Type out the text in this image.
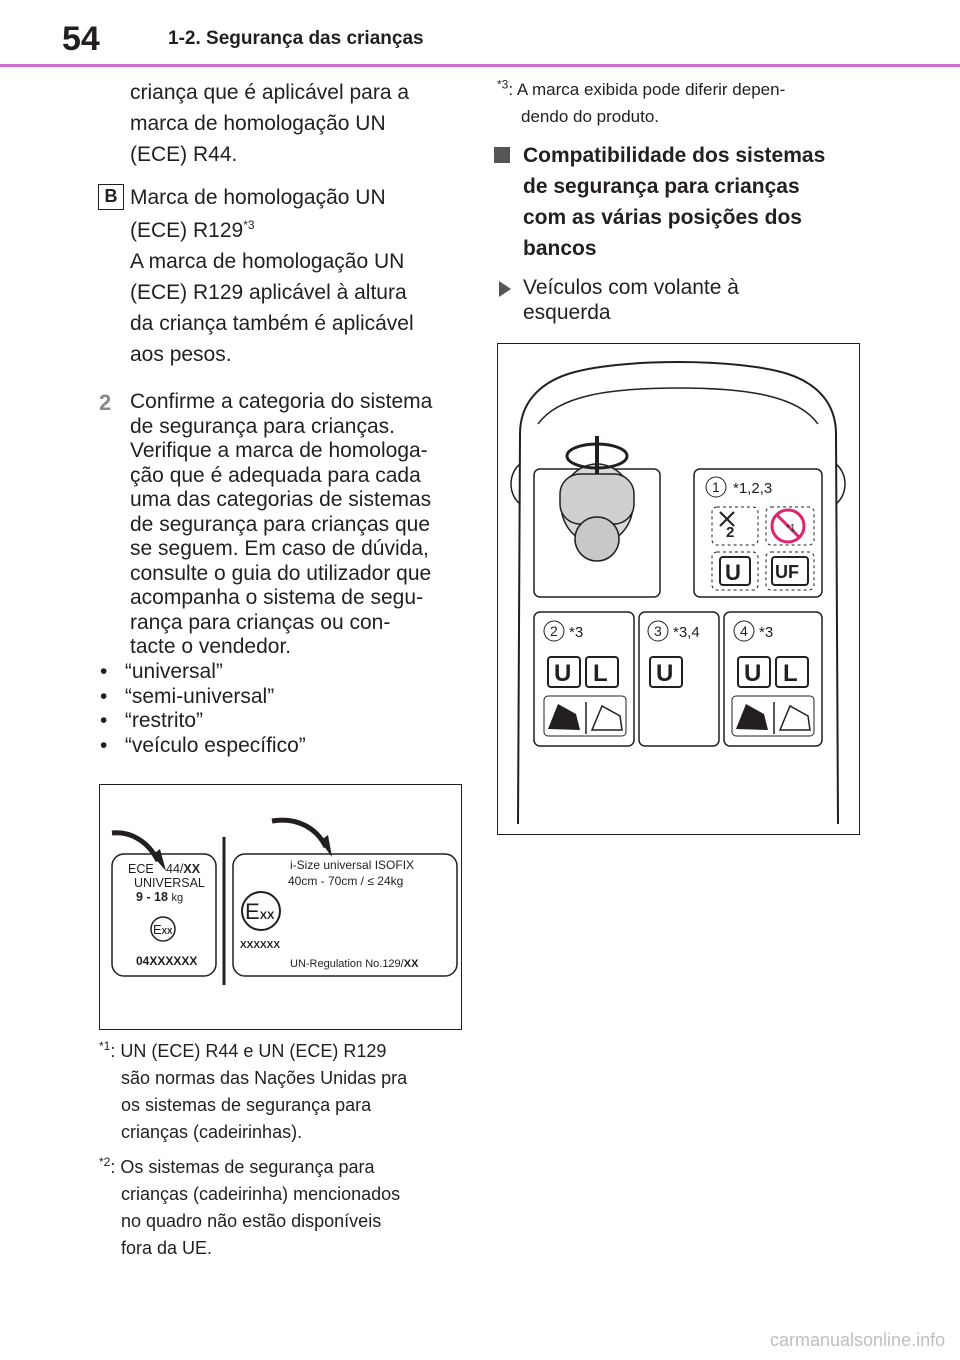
54	1-2. Segurança das crianças
criança que é aplicável para a
marca de homologação UN
(ECE) R44.
B Marca de homologação UN
(ECE) R129$^{*3}$
A marca de homologação UN
(ECE) R129 aplicável à altura
da criança também é aplicável
aos pesos.
2 Confirme a categoria do sistema
de segurança para crianças.
Verifique a marca de homologa-
ção que é adequada para cada
uma das categorias de sistemas
de segurança para crianças que
se seguem. Em caso de dúvida,
consulte o guia do utilizador que
acompanha o sistema de segu-
rança para crianças ou con-
tacte o vendedor.
•   “universal”
•   “semi-universal”
•   “restrito”
•   “veículo específico”
ECE 44/XX
UNIVERSAL
9 - 18 kg
EXX
04XXXXXX
i-Size universal ISOFIX
40cm - 70cm / ≤ 24kg
EXX
XXXXXX
UN-Regulation No.129/XX
$^{*1}$: UN (ECE) R44 e UN (ECE) R129
são normas das Nações Unidas pra
os sistemas de segurança para
crianças (cadeirinhas).
$^{*2}$: Os sistemas de segurança para
crianças (cadeirinha) mencionados
no quadro não estão disponíveis
fora da UE.
$^{*3}$: A marca exibida pode diferir depen-
dendo do produto.
Compatibilidade dos sistemas
de segurança para crianças
com as várias posições dos
bancos
Veículos com volante à
esquerda
1 *1,2,3
2	*1
U UF
2 *3
U L
3 *3,4
U
4 *3
U L
carmanualsonline.info
